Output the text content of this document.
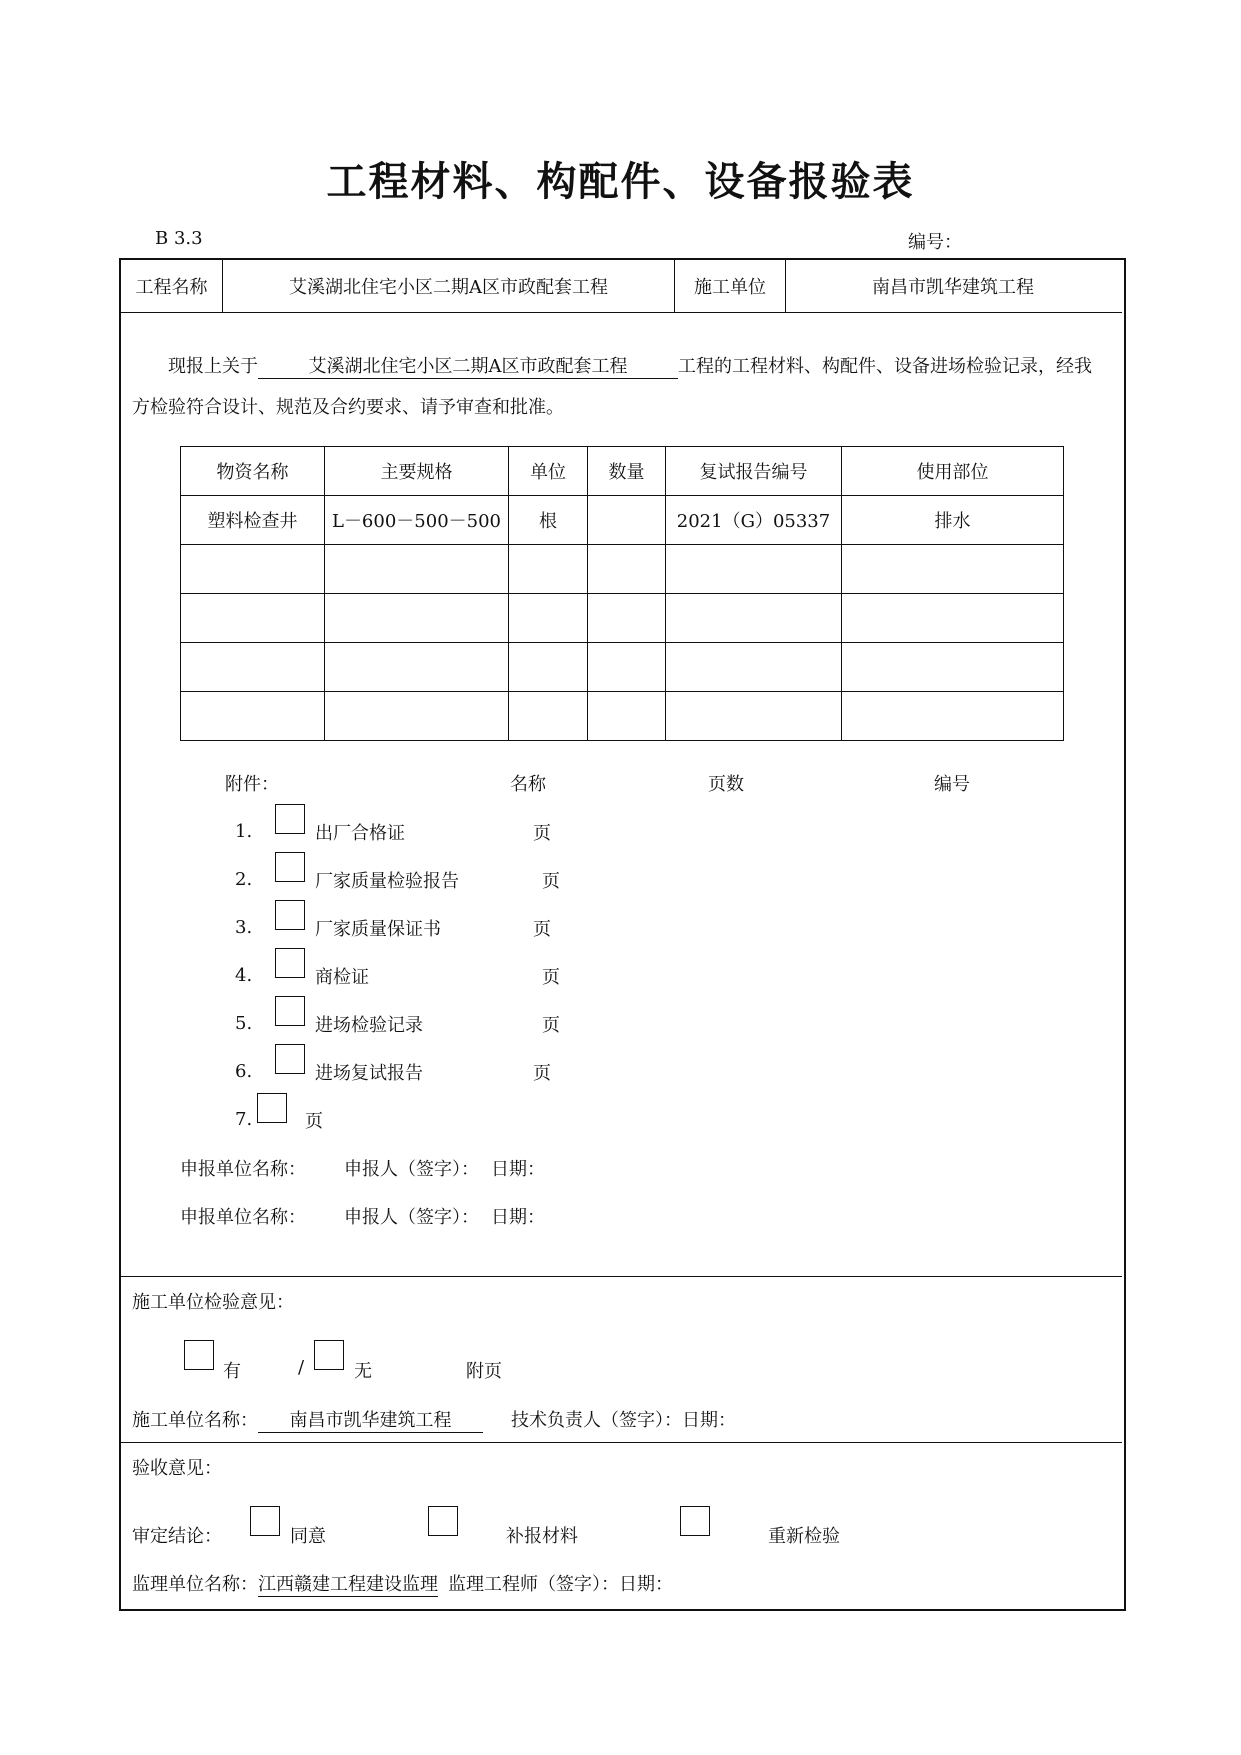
工程材料、构配件、设备报验表
B 3.3	编号：
工程名称	艾溪湖北住宅小区二期A区市政配套工程	施工单位	南昌市凯华建筑工程
现报上关于	艾溪湖北住宅小区二期A区市政配套工程	工程的工程材料、构配件、设备进场检验记录，经我
方检验符合设计、规范及合约要求、请予审查和批准。
物资名称	主要规格	单位	数量	复试报告编号	使用部位
塑料检查井	L－600－500－500	根		2021（G）05337	排水

附件：	名称	页数	编号
1.	出厂合格证	页
2.	厂家质量检验报告	页
3.	厂家质量保证书	页
4.	商检证	页
5.	进场检验记录	页
6.	进场复试报告	页
7.	页
申报单位名称： 申报人（签字）： 日期：
申报单位名称： 申报人（签字）： 日期：
施工单位检验意见：
有	/	无	附页
施工单位名称： 南昌市凯华建筑工程	技术负责人（签字）：日期：
验收意见：
审定结论：	同意	补报材料	重新检验
监理单位名称：江西赣建工程建设监理 监理工程师（签字）：日期：
